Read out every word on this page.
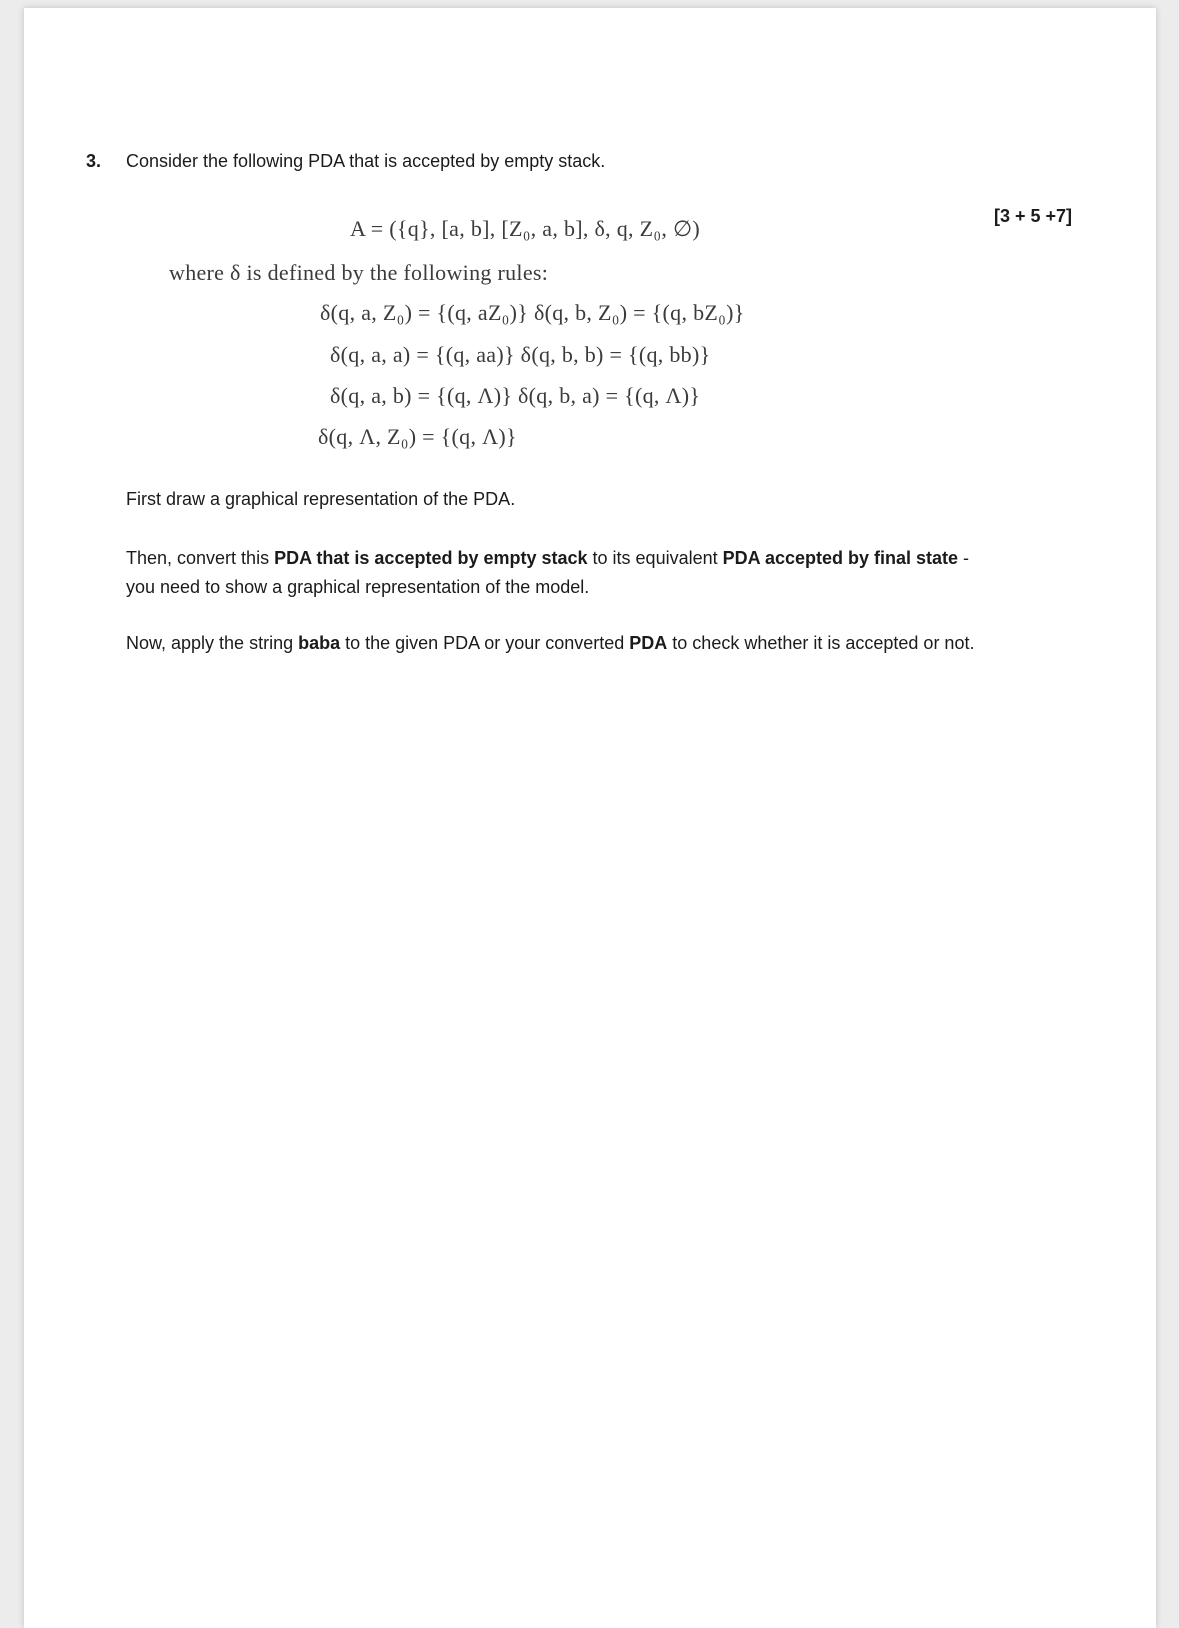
3. Consider the following PDA that is accepted by empty stack.
[3 + 5 +7]
A = ({q}, [a, b], [Z₀, a, b], δ, q, Z₀, ∅)
where δ is defined by the following rules:
δ(q, a, Z₀) = {(q, aZ₀)} δ(q, b, Z₀) = {(q, bZ₀)}
δ(q, a, a) = {(q, aa)} δ(q, b, b) = {(q, bb)}
δ(q, a, b) = {(q, Λ)} δ(q, b, a) = {(q, Λ)}
δ(q, Λ, Z₀) = {(q, Λ)}
First draw a graphical representation of the PDA.
Then, convert this PDA that is accepted by empty stack to its equivalent PDA accepted by final state - you need to show a graphical representation of the model.
Now, apply the string baba to the given PDA or your converted PDA to check whether it is accepted or not.
